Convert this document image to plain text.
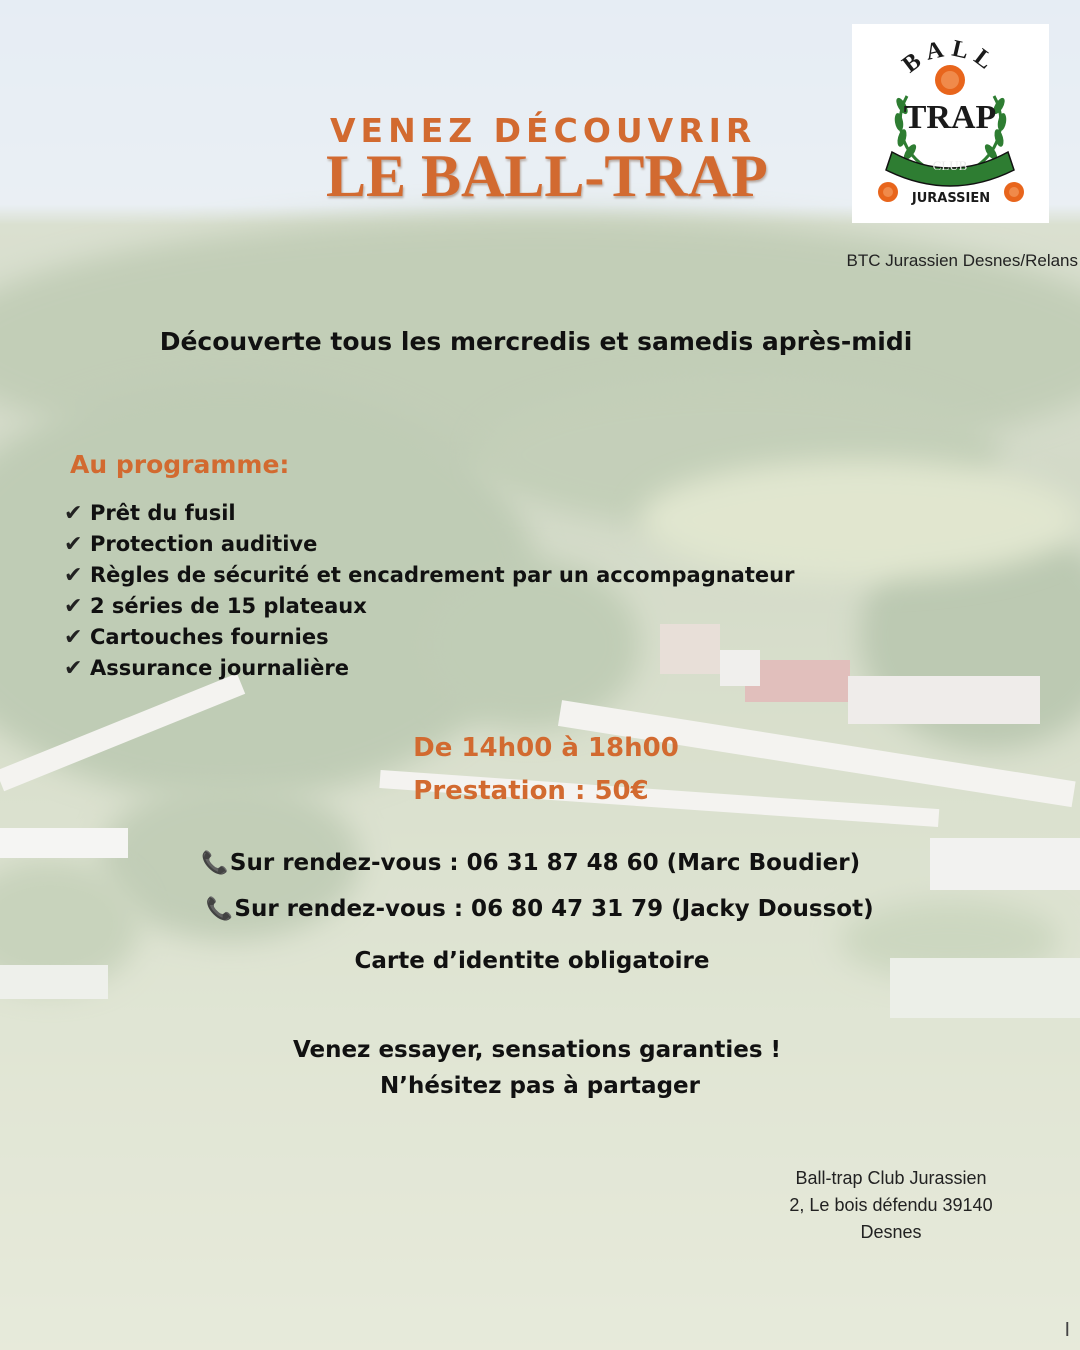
VENEZ DÉCOUVRIR
LE BALL-TRAP
BALL
TRAP
CLUB
JURASSIEN
BTC Jurassien Desnes/Relans
Découverte tous les mercredis et samedis après-midi
Au programme:
✔ Prêt du fusil
✔ Protection auditive
✔ Règles de sécurité et encadrement par un accompagnateur
✔ 2 séries de 15 plateaux
✔ Cartouches fournies
✔ Assurance journalière
De 14h00 à 18h00
Prestation : 50€
📞Sur rendez-vous : 06 31 87 48 60 (Marc Boudier)
📞Sur rendez-vous : 06 80 47 31 79 (Jacky Doussot)
Carte d’identite obligatoire
Venez essayer, sensations garanties !
N’hésitez pas à partager
Ball-trap Club Jurassien
2, Le bois défendu 39140
Desnes
I
